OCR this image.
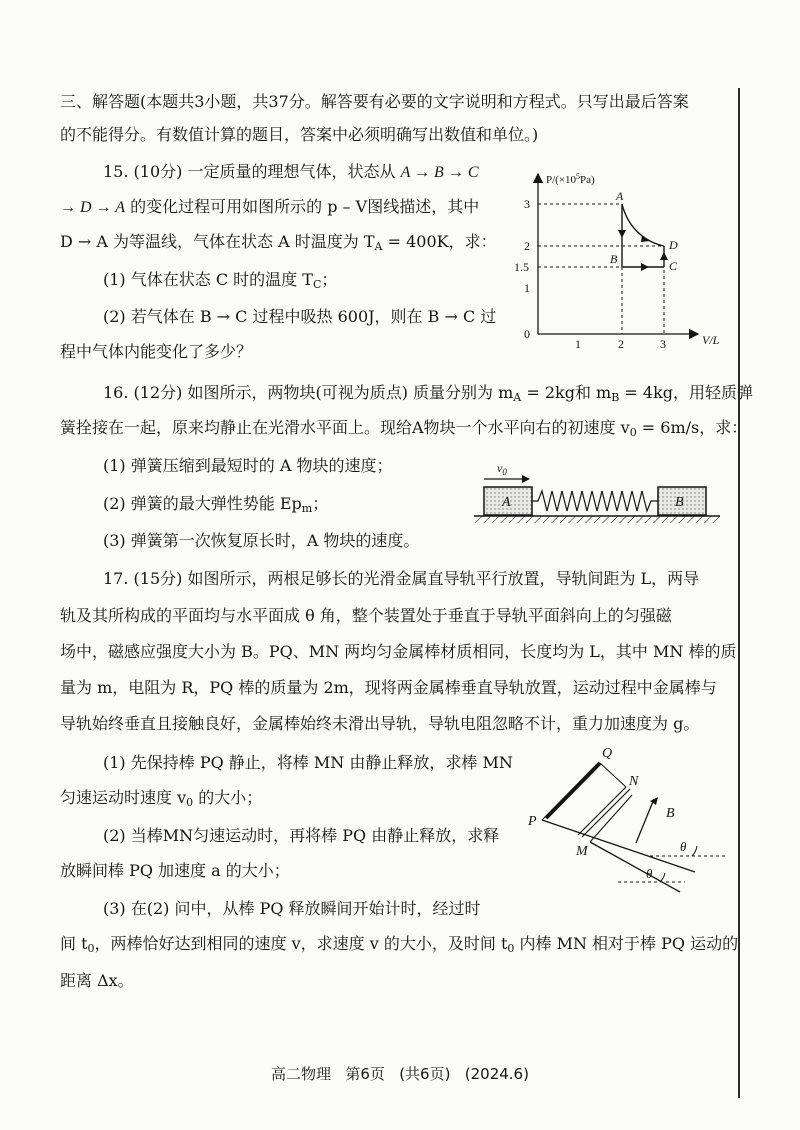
三、解答题(本题共3小题，共37分。解答要有必要的文字说明和方程式。只写出最后答案
的不能得分。有数值计算的题目，答案中必须明确写出数值和单位。)
15. (10分) 一定质量的理想气体，状态从 A → B → C
→ D → A 的变化过程可用如图所示的 p – V图线描述，其中
D → A 为等温线，气体在状态 A 时温度为 $T_A = 400K$，求：
(1) 气体在状态 C 时的温度 $T_C$；
(2) 若气体在 B → C 过程中吸热 600J，则在 B → C 过
程中气体内能变化了多少？
$P/(\times 10^5Pa)$
V/L
3
2
1.5
1
0
1	2	3
A
B	C
D
16. (12分) 如图所示，两物块(可视为质点) 质量分别为 $m_A = 2kg$和 $m_B = 4kg$，用轻质弹
簧拴接在一起，原来均静止在光滑水平面上。现给A物块一个水平向右的初速度 $v_0 = 6m/s$，求：
(1) 弹簧压缩到最短时的 A 物块的速度；
(2) 弹簧的最大弹性势能 $Ep_m$；
(3) 弹簧第一次恢复原长时，A 物块的速度。
$v_0$
A	B
17. (15分) 如图所示，两根足够长的光滑金属直导轨平行放置，导轨间距为 L，两导
轨及其所构成的平面均与水平面成 θ 角，整个装置处于垂直于导轨平面斜向上的匀强磁
场中，磁感应强度大小为 B。PQ、MN 两均匀金属棒材质相同，长度均为 L，其中 MN 棒的质
量为 m，电阻为 R，PQ 棒的质量为 2m，现将两金属棒垂直导轨放置，运动过程中金属棒与
导轨始终垂直且接触良好，金属棒始终未滑出导轨，导轨电阻忽略不计，重力加速度为 g。
(1) 先保持棒 PQ 静止，将棒 MN 由静止释放，求棒 MN
匀速运动时速度 $v_0$ 的大小；
(2) 当棒MN匀速运动时，再将棒 PQ 由静止释放，求释
放瞬间棒 PQ 加速度 a 的大小；
(3) 在(2) 问中，从棒 PQ 释放瞬间开始计时，经过时
间 $t_0$，两棒恰好达到相同的速度 v，求速度 v 的大小，及时间 $t_0$ 内棒 MN 相对于棒 PQ 运动的
距离 Δx。
Q
N
B
P
M	θ
θ
高二物理   第6页   (共6页)   (2024.6)
